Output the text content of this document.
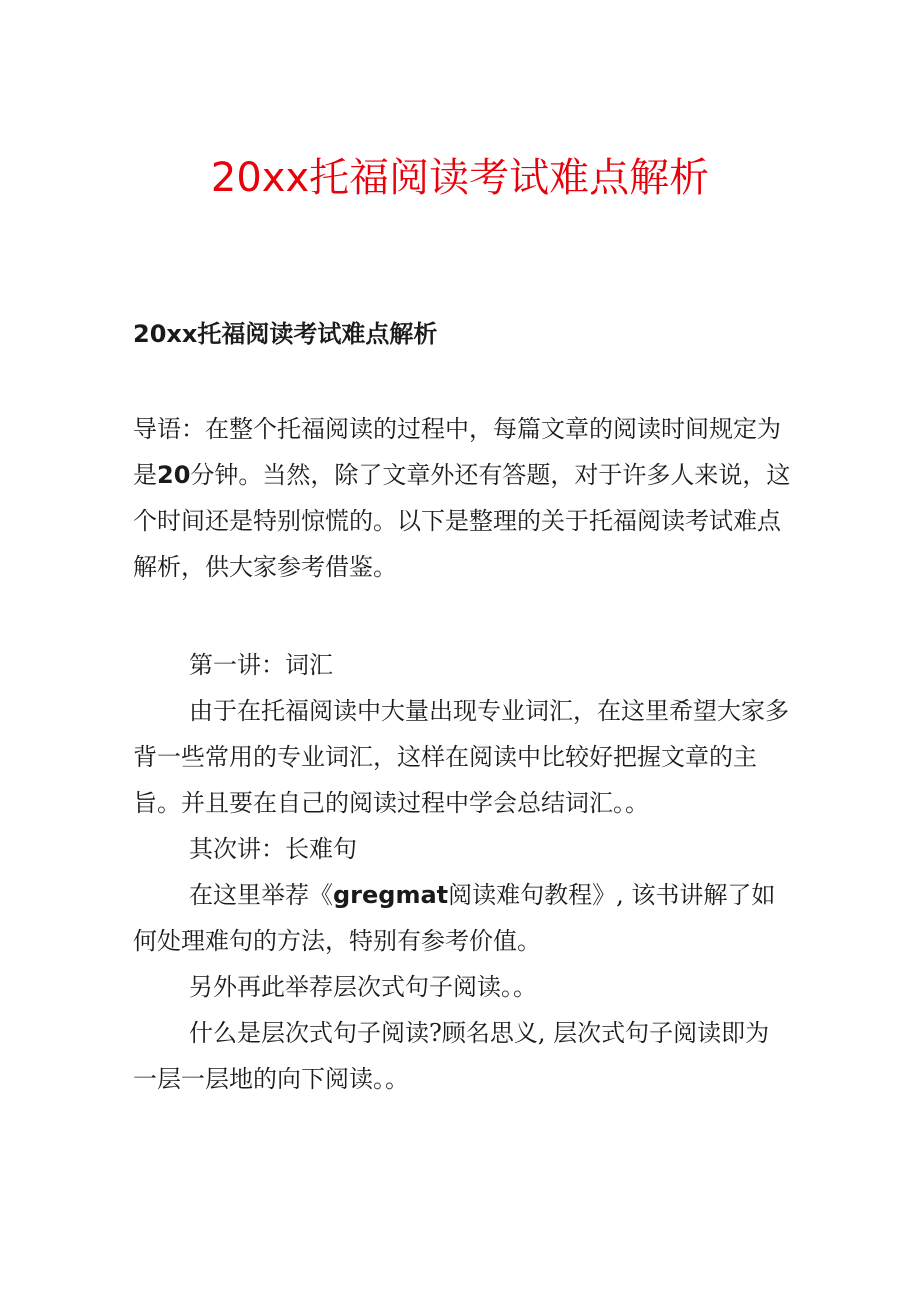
20xx托福阅读考试难点解析
20xx托福阅读考试难点解析

导语：在整个托福阅读的过程中，每篇文章的阅读时间规定为是20分钟。当然，除了文章外还有答题，对于许多人来说，这个时间还是特别惊慌的。以下是整理的关于托福阅读考试难点解析，供大家参考借鉴。

第一讲：词汇

由于在托福阅读中大量出现专业词汇，在这里希望大家多背一些常用的专业词汇，这样在阅读中比较好把握文章的主旨。并且要在自己的阅读过程中学会总结词汇。。

其次讲：长难句

在这里举荐《gregmat阅读难句教程》, 该书讲解了如何处理难句的方法，特别有参考价值。

另外再此举荐层次式句子阅读。。

什么是层次式句子阅读?顾名思义, 层次式句子阅读即为一层一层地的向下阅读。。
